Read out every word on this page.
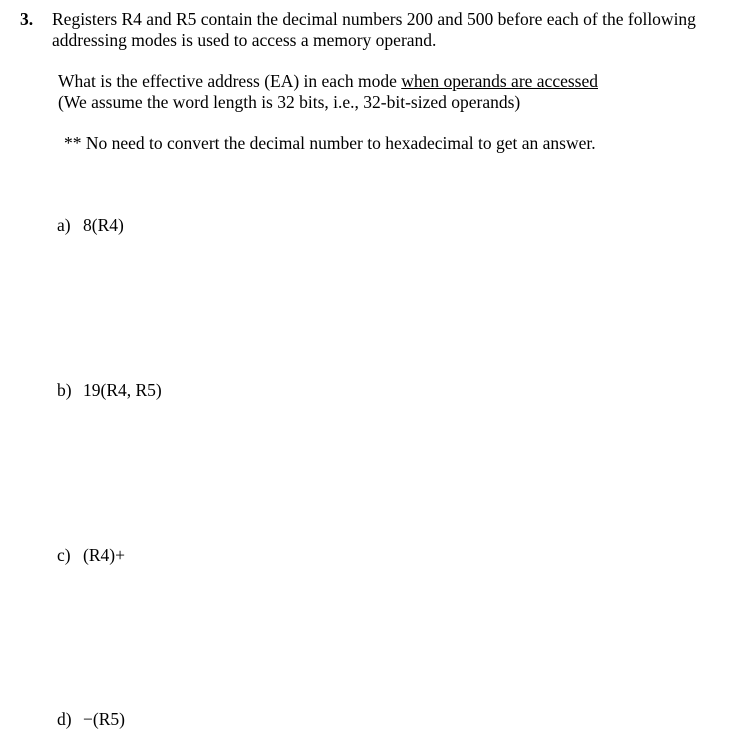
3. Registers R4 and R5 contain the decimal numbers 200 and 500 before each of the following
addressing modes is used to access a memory operand.
What is the effective address (EA) in each mode when operands are accessed
(We assume the word length is 32 bits, i.e., 32-bit-sized operands)
** No need to convert the decimal number to hexadecimal to get an answer.
a) 8(R4)
b) 19(R4, R5)
c) (R4)+
d) −(R5)
